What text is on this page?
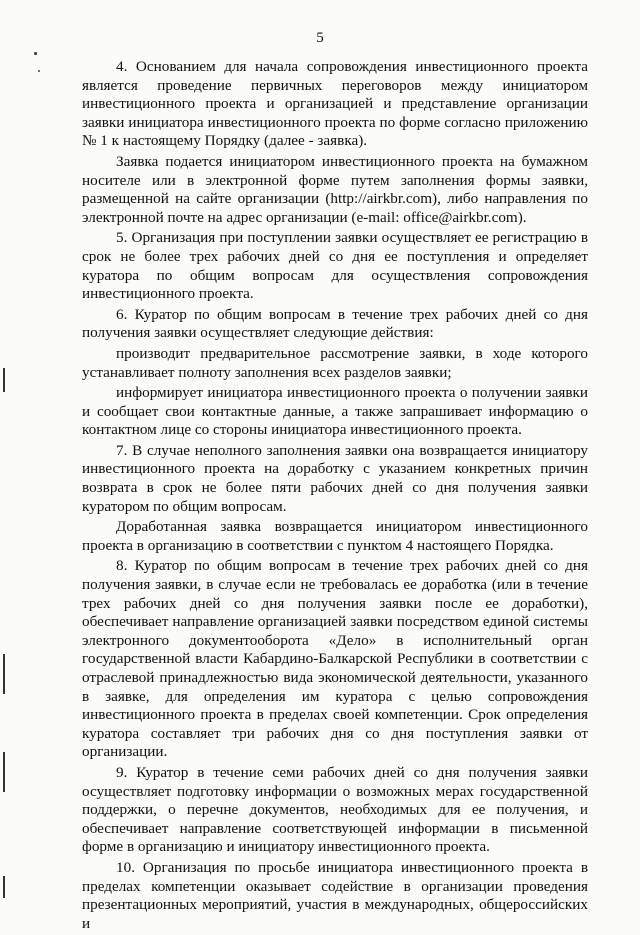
5

4. Основанием для начала сопровождения инвестиционного проекта является проведение первичных переговоров между инициатором инвестиционного проекта и организацией и представление организации заявки инициатора инвестиционного проекта по форме согласно приложению № 1 к настоящему Порядку (далее - заявка).

Заявка подается инициатором инвестиционного проекта на бумажном носителе или в электронной форме путем заполнения формы заявки, размещенной на сайте организации (http://airkbr.com), либо направления по электронной почте на адрес организации (e-mail: office@airkbr.com).

5. Организация при поступлении заявки осуществляет ее регистрацию в срок не более трех рабочих дней со дня ее поступления и определяет куратора по общим вопросам для осуществления сопровождения инвестиционного проекта.

6. Куратор по общим вопросам в течение трех рабочих дней со дня получения заявки осуществляет следующие действия:

производит предварительное рассмотрение заявки, в ходе которого устанавливает полноту заполнения всех разделов заявки;

информирует инициатора инвестиционного проекта о получении заявки и сообщает свои контактные данные, а также запрашивает информацию о контактном лице со стороны инициатора инвестиционного проекта.

7. В случае неполного заполнения заявки она возвращается инициатору инвестиционного проекта на доработку с указанием конкретных причин возврата в срок не более пяти рабочих дней со дня получения заявки куратором по общим вопросам.

Доработанная заявка возвращается инициатором инвестиционного проекта в организацию в соответствии с пунктом 4 настоящего Порядка.

8. Куратор по общим вопросам в течение трех рабочих дней со дня получения заявки, в случае если не требовалась ее доработка (или в течение трех рабочих дней со дня получения заявки после ее доработки), обеспечивает направление организацией заявки посредством единой системы электронного документооборота «Дело» в исполнительный орган государственной власти Кабардино-Балкарской Республики в соответствии с отраслевой принадлежностью вида экономической деятельности, указанного в заявке, для определения им куратора с целью сопровождения инвестиционного проекта в пределах своей компетенции. Срок определения куратора составляет три рабочих дня со дня поступления заявки от организации.

9. Куратор в течение семи рабочих дней со дня получения заявки осуществляет подготовку информации о возможных мерах государственной поддержки, о перечне документов, необходимых для ее получения, и обеспечивает направление соответствующей информации в письменной форме в организацию и инициатору инвестиционного проекта.

10. Организация по просьбе инициатора инвестиционного проекта в пределах компетенции оказывает содействие в организации проведения презентационных мероприятий, участия в международных, общероссийских и
